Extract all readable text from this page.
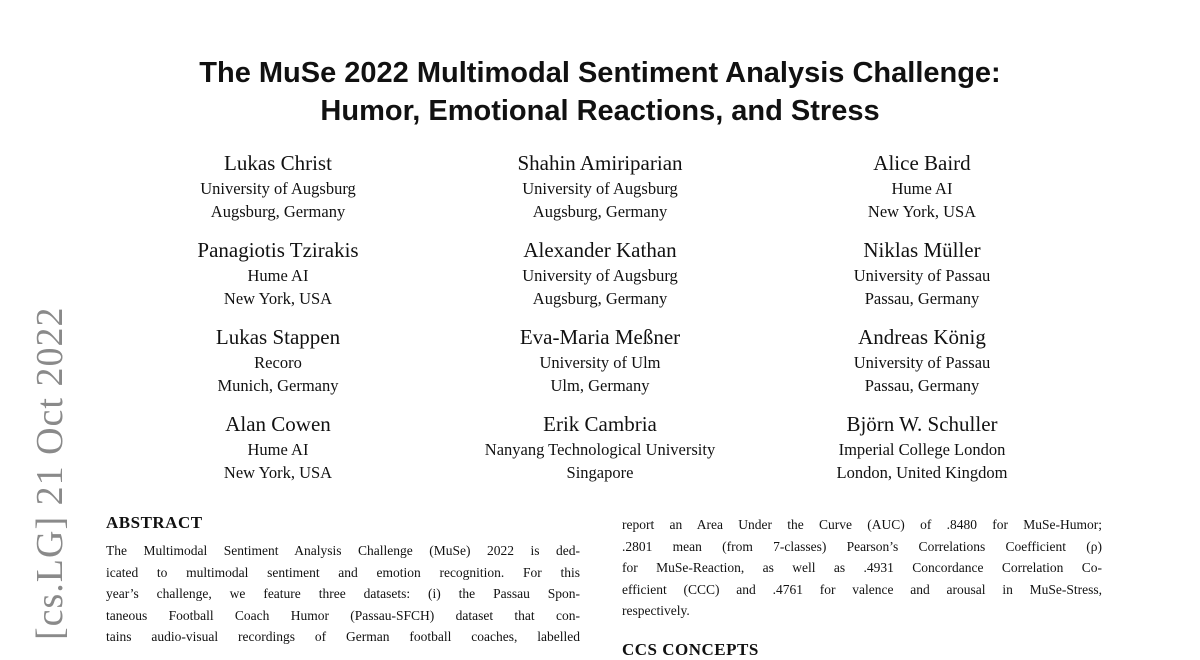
The MuSe 2022 Multimodal Sentiment Analysis Challenge:
Humor, Emotional Reactions, and Stress
[cs.LG] 21 Oct 2022
Lukas Christ
University of Augsburg
Augsburg, Germany
Shahin Amiriparian
University of Augsburg
Augsburg, Germany
Alice Baird
Hume AI
New York, USA
Panagiotis Tzirakis
Hume AI
New York, USA
Alexander Kathan
University of Augsburg
Augsburg, Germany
Niklas Müller
University of Passau
Passau, Germany
Lukas Stappen
Recoro
Munich, Germany
Eva-Maria Meßner
University of Ulm
Ulm, Germany
Andreas König
University of Passau
Passau, Germany
Alan Cowen
Hume AI
New York, USA
Erik Cambria
Nanyang Technological University
Singapore
Björn W. Schuller
Imperial College London
London, United Kingdom
ABSTRACT
The Multimodal Sentiment Analysis Challenge (MuSe) 2022 is ded-
icated to multimodal sentiment and emotion recognition. For this
year’s challenge, we feature three datasets: (i) the Passau Spon-
taneous Football Coach Humor (Passau-SFCH) dataset that con-
tains audio-visual recordings of German football coaches, labelled
report an Area Under the Curve (AUC) of .8480 for MuSe-Humor;
.2801 mean (from 7-classes) Pearson’s Correlations Coefficient (ρ)
for MuSe-Reaction, as well as .4931 Concordance Correlation Co-
efficient (CCC) and .4761 for valence and arousal in MuSe-Stress,
respectively.
CCS CONCEPTS
